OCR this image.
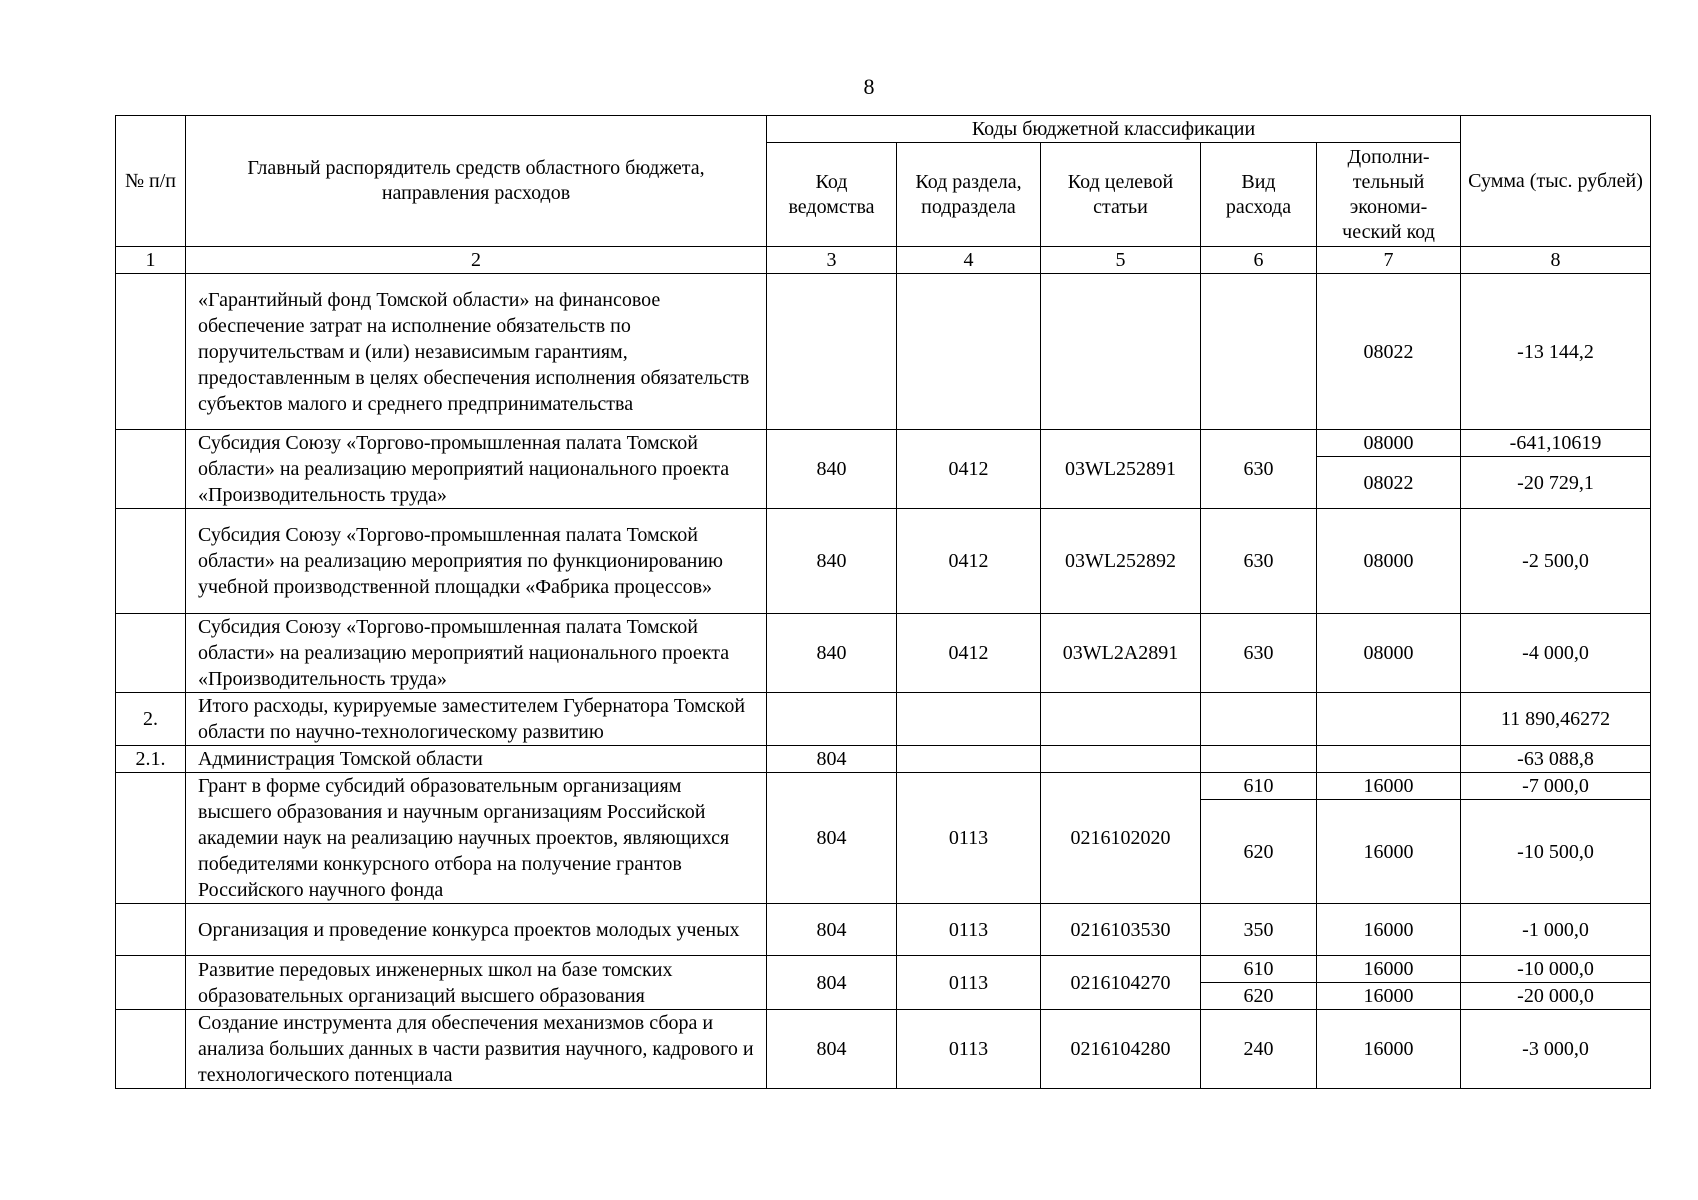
8
№ п/п	Главный распорядитель средств областного бюджета, направления расходов	Коды бюджетной классификации					Сумма (тыс. рублей)
		Код ведомства	Код раздела, подраздела	Код целевой статьи	Вид расхода	Дополни-
тельный
экономи-
ческий код	
1	2	3	4	5	6	7	8
	«Гарантийный фонд Томской области» на финансовое обеспечение затрат на исполнение обязательств по поручительствам и (или) независимым гарантиям, предоставленным в целях обеспечения исполнения обязательств субъектов малого и среднего предпринимательства					08022	-13 144,2
	Субсидия Союзу «Торгово-промышленная палата Томской области» на реализацию мероприятий национального проекта «Производительность труда»	840	0412	03WL252891	630	08000	-641,10619
						08022	-20 729,1
	Субсидия Союзу «Торгово-промышленная палата Томской области» на реализацию мероприятия по функционированию учебной производственной площадки «Фабрика процессов»	840	0412	03WL252892	630	08000	-2 500,0
	Субсидия Союзу «Торгово-промышленная палата Томской области» на реализацию мероприятий национального проекта «Производительность труда»	840	0412	03WL2A2891	630	08000	-4 000,0
2.	Итого расходы, курируемые заместителем Губернатора Томской области по научно-технологическому развитию						11 890,46272
2.1.	Администрация Томской области	804					-63 088,8
	Грант в форме субсидий образовательным организациям высшего образования и научным организациям Российской академии наук на реализацию научных проектов, являющихся победителями конкурсного отбора на получение грантов Российского научного фонда	804	0113	0216102020	610	16000	-7 000,0
					620	16000	-10 500,0
	Организация и проведение конкурса проектов молодых ученых	804	0113	0216103530	350	16000	-1 000,0
	Развитие передовых инженерных школ на базе томских образовательных организаций высшего образования	804	0113	0216104270	610	16000	-10 000,0
					620	16000	-20 000,0
	Создание инструмента для обеспечения механизмов сбора и анализа больших данных в части развития научного, кадрового и технологического потенциала	804	0113	0216104280	240	16000	-3 000,0
